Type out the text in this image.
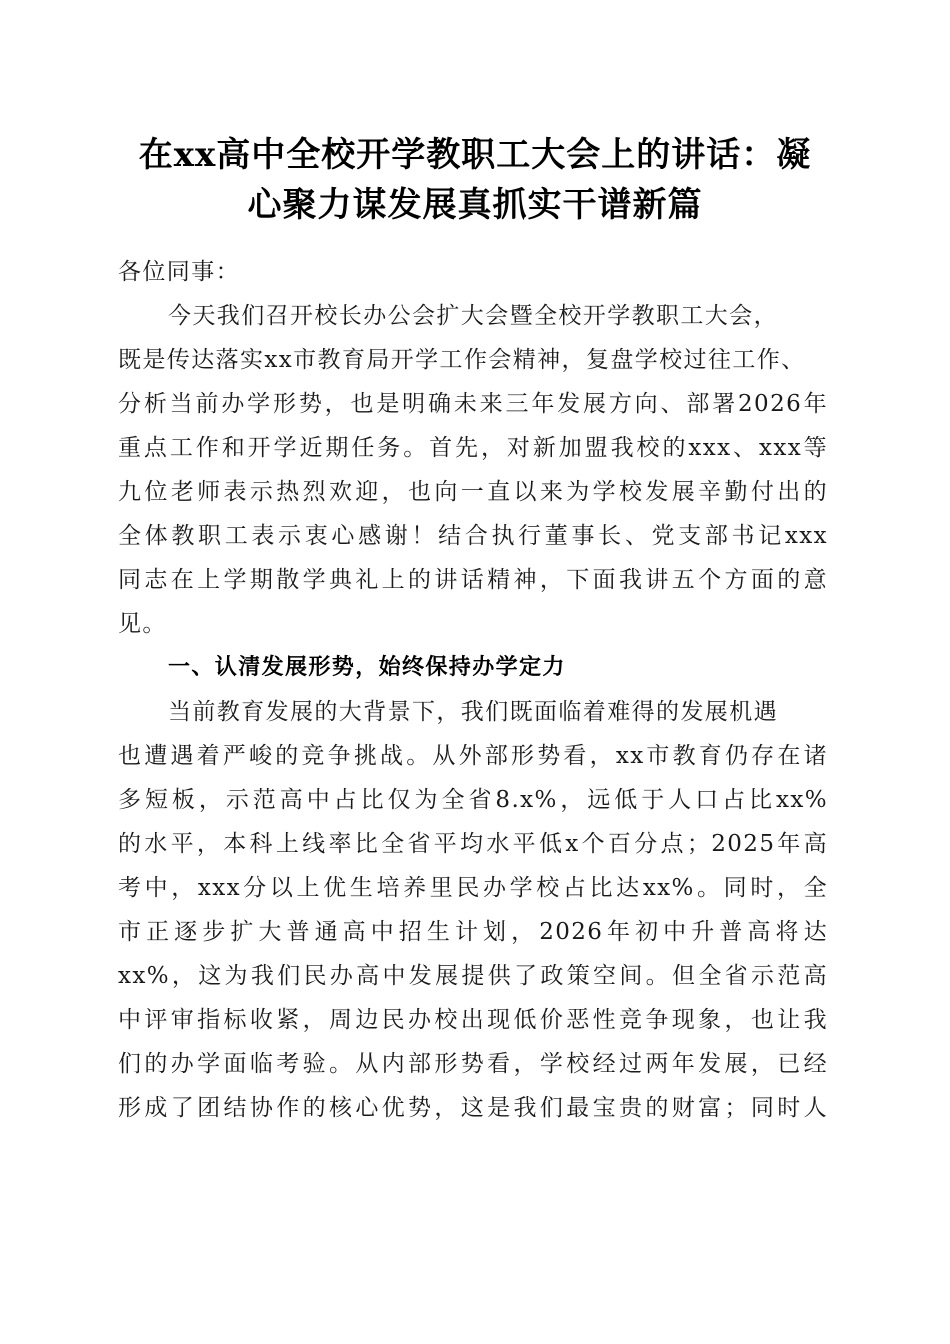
在xx高中全校开学教职工大会上的讲话：凝
心聚力谋发展真抓实干谱新篇
各位同事：
今天我们召开校长办公会扩大会暨全校开学教职工大会，
既是传达落实xx市教育局开学工作会精神，复盘学校过往工作、
分析当前办学形势，也是明确未来三年发展方向、部署2026年
重点工作和开学近期任务。首先，对新加盟我校的xxx、xxx等
九位老师表示热烈欢迎，也向一直以来为学校发展辛勤付出的
全体教职工表示衷心感谢！结合执行董事长、党支部书记xxx
同志在上学期散学典礼上的讲话精神，下面我讲五个方面的意
见。
一、认清发展形势，始终保持办学定力
当前教育发展的大背景下，我们既面临着难得的发展机遇
也遭遇着严峻的竞争挑战。从外部形势看，xx市教育仍存在诸
多短板，示范高中占比仅为全省8.x%，远低于人口占比xx%
的水平，本科上线率比全省平均水平低x个百分点；2025年高
考中，xxx分以上优生培养里民办学校占比达xx%。同时，全
市正逐步扩大普通高中招生计划，2026年初中升普高将达
xx%，这为我们民办高中发展提供了政策空间。但全省示范高
中评审指标收紧，周边民办校出现低价恶性竞争现象，也让我
们的办学面临考验。从内部形势看，学校经过两年发展，已经
形成了团结协作的核心优势，这是我们最宝贵的财富；同时人
